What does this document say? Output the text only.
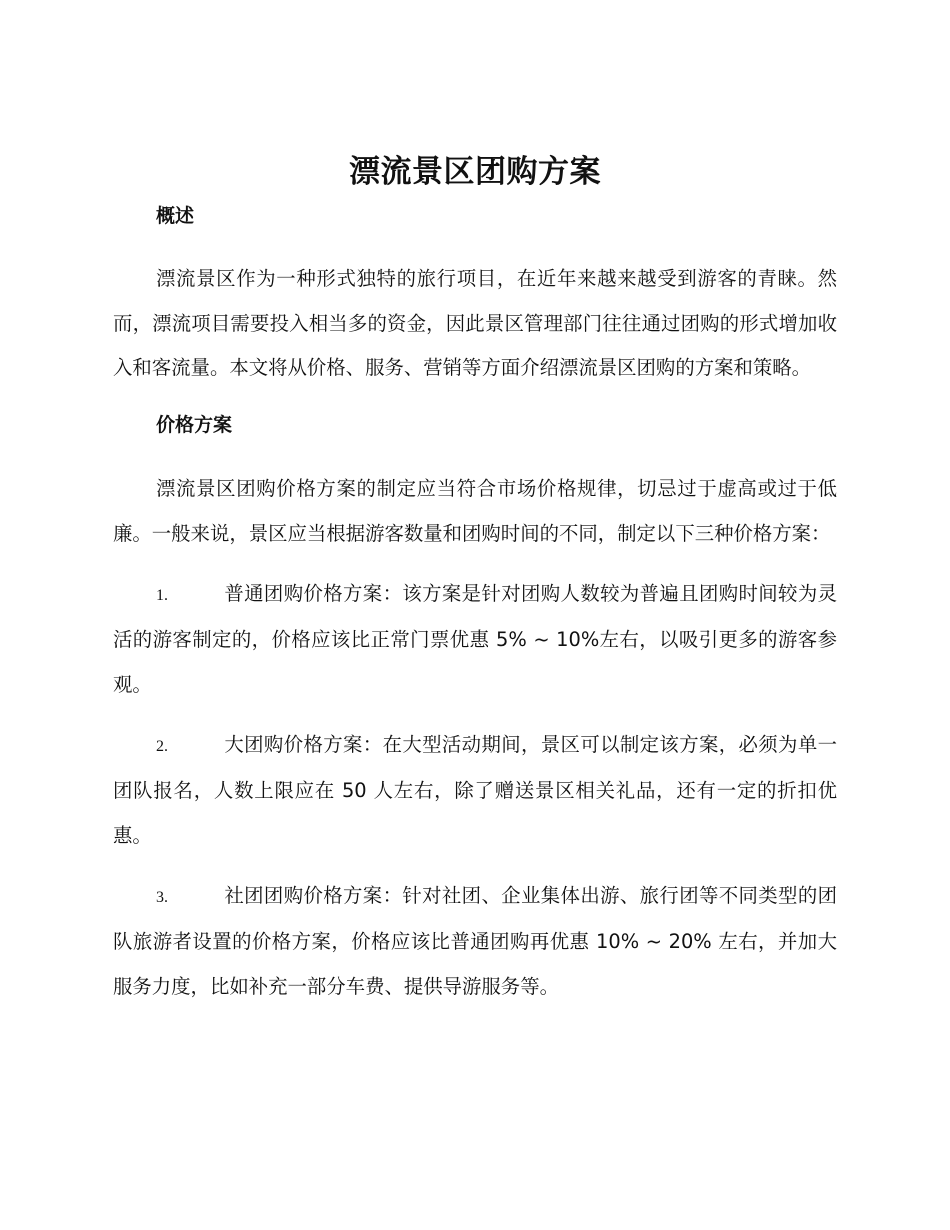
漂流景区团购方案
概述

漂流景区作为一种形式独特的旅行项目，在近年来越来越受到游客的青睐。然而，漂流项目需要投入相当多的资金，因此景区管理部门往往通过团购的形式增加收入和客流量。本文将从价格、服务、营销等方面介绍漂流景区团购的方案和策略。

价格方案

漂流景区团购价格方案的制定应当符合市场价格规律，切忌过于虚高或过于低廉。一般来说，景区应当根据游客数量和团购时间的不同，制定以下三种价格方案：

1.	普通团购价格方案：该方案是针对团购人数较为普遍且团购时间较为灵活的游客制定的，价格应该比正常门票优惠 5% ~ 10%左右，以吸引更多的游客参观。

2.	大团购价格方案：在大型活动期间，景区可以制定该方案，必须为单一团队报名，人数上限应在 50 人左右，除了赠送景区相关礼品，还有一定的折扣优惠。

3.	社团团购价格方案：针对社团、企业集体出游、旅行团等不同类型的团队旅游者设置的价格方案，价格应该比普通团购再优惠 10% ~ 20% 左右，并加大服务力度，比如补充一部分车费、提供导游服务等。
